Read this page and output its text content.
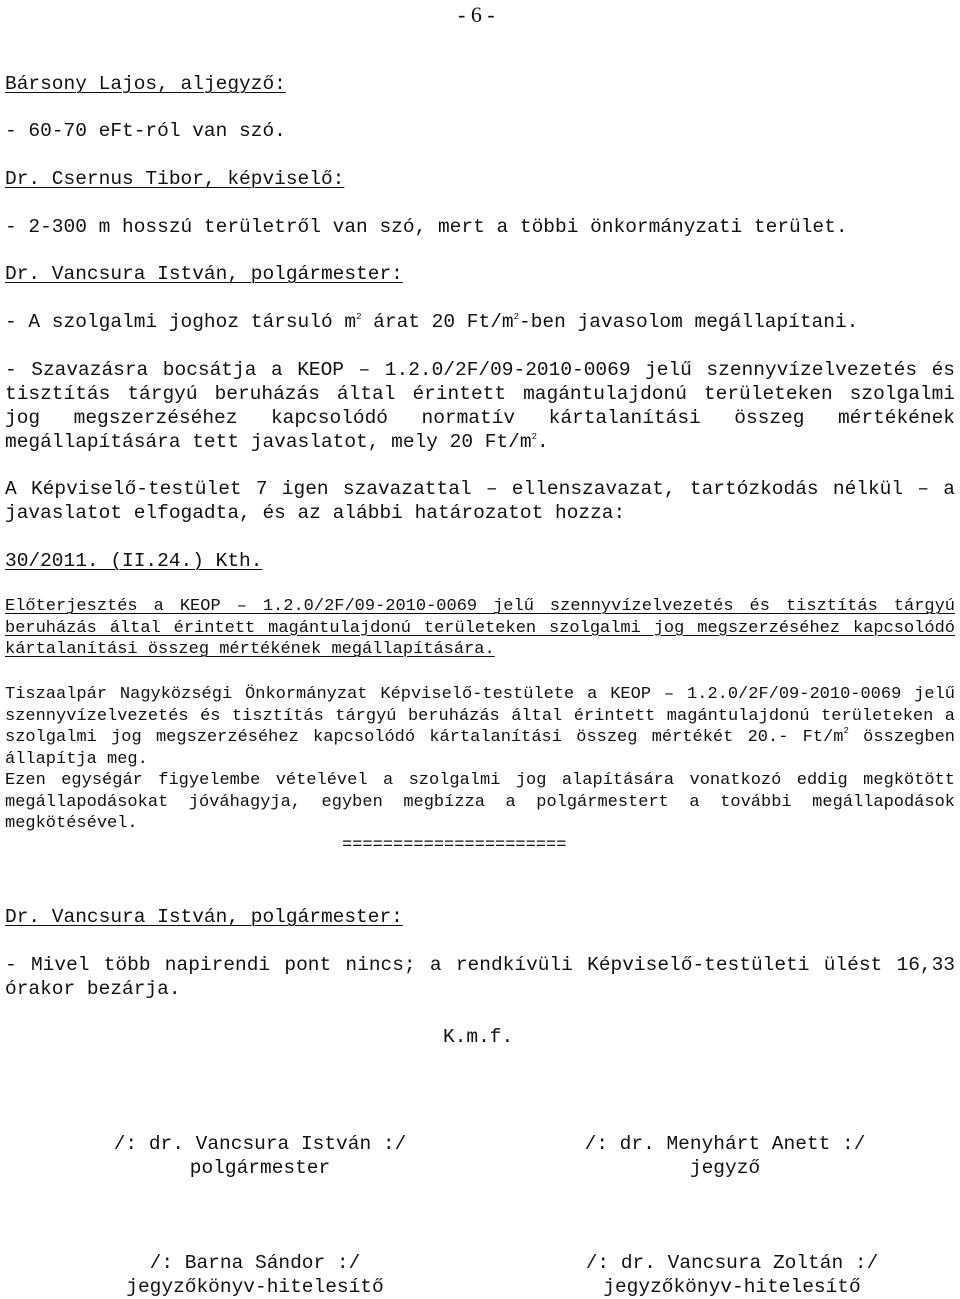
- 6 -
Bársony Lajos, aljegyző:
- 60-70 eFt-ról van szó.
Dr. Csernus Tibor, képviselő:
- 2-300 m hosszú területről van szó, mert a többi önkormányzati terület.
Dr. Vancsura István, polgármester:
- A szolgalmi joghoz társuló $m^2$ árat 20 $Ft/m^2$-ben javasolom megállapítani.
- Szavazásra bocsátja a KEOP – 1.2.0/2F/09-2010-0069 jelű szennyvízelvezetés és tisztítás tárgyú beruházás által érintett magántulajdonú területeken szolgalmi jog megszerzéséhez kapcsolódó normatív kártalanítási összeg mértékének megállapítására tett javaslatot, mely 20 $Ft/m^2$.
A Képviselő-testület 7 igen szavazattal – ellenszavazat, tartózkodás nélkül – a javaslatot elfogadta, és az alábbi határozatot hozza:
30/2011. (II.24.) Kth.
Előterjesztés a KEOP – 1.2.0/2F/09-2010-0069 jelű szennyvízelvezetés és tisztítás tárgyú beruházás által érintett magántulajdonú területeken szolgalmi jog megszerzéséhez kapcsolódó kártalanítási összeg mértékének megállapítására.
Tiszaalpár Nagyközségi Önkormányzat Képviselő-testülete a KEOP – 1.2.0/2F/09-2010-0069 jelű szennyvízelvezetés és tisztítás tárgyú beruházás által érintett magántulajdonú területeken a szolgalmi jog megszerzéséhez kapcsolódó kártalanítási összeg mértékét 20.- $Ft/m^2$ összegben állapítja meg.
Ezen egységár figyelembe vételével a szolgalmi jog alapítására vonatkozó eddig megkötött megállapodásokat jóváhagyja, egyben megbízza a polgármestert a további megállapodások megkötésével.
======================
Dr. Vancsura István, polgármester:
- Mivel több napirendi pont nincs; a rendkívüli Képviselő-testületi ülést 16,33 órakor bezárja.
K.m.f.
/: dr. Vancsura István :/
polgármester
/: dr. Menyhárt Anett :/
jegyző
/: Barna Sándor :/
jegyzőkönyv-hitelesítő
/: dr. Vancsura Zoltán :/
jegyzőkönyv-hitelesítő
